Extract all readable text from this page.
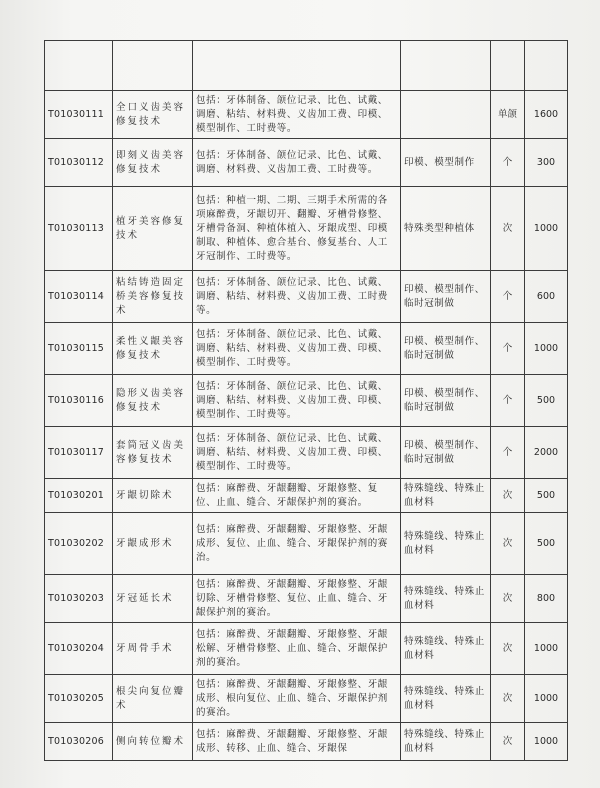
T01030111	全口义齿美容修复技术	包括：牙体制备、颌位记录、比色、试戴、调磨、粘结、材料费、义齿加工费、印模、模型制作、工时费等。		单颌	1600
T01030112	即刻义齿美容修复技术	包括：牙体制备、颌位记录、比色、试戴、调磨、材料费、义齿加工费、工时费等。	印模、模型制作	个	300
T01030113	植牙美容修复技术	包括：种植一期、二期、三期手术所需的各项麻醉费，牙龈切开、翻瓣、牙槽骨修整、牙槽骨备洞、种植体植入、牙龈成型、印模制取、种植体、愈合基台、修复基台、人工牙冠制作、工时费等。	特殊类型种植体	次	1000
T01030114	粘结铸造固定桥美容修复技术	包括：牙体制备、颌位记录、比色、试戴、调磨、粘结、材料费、义齿加工费、工时费等。	印模、模型制作、临时冠制做	个	600
T01030115	柔性义龈美容修复技术	包括：牙体制备、颌位记录、比色、试戴、调磨、粘结、材料费、义齿加工费、印模、模型制作、工时费等。	印模、模型制作、临时冠制做	个	1000
T01030116	隐形义齿美容修复技术	包括：牙体制备、颌位记录、比色、试戴、调磨、粘结、材料费、义齿加工费、印模、模型制作、工时费等。	印模、模型制作、临时冠制做	个	500
T01030117	套筒冠义齿美容修复技术	包括：牙体制备、颌位记录、比色、试戴、调磨、粘结、材料费、义齿加工费、印模、模型制作、工时费等。	印模、模型制作、临时冠制做	个	2000
T01030201	牙龈切除术	包括：麻醉费、牙龈翻瓣、牙龈修整、复位、止血、缝合、牙龈保护剂的赛治。	特殊缝线、特殊止血材料	次	500
T01030202	牙龈成形术	包括：麻醉费、牙龈翻瓣、牙龈修整、牙龈成形、复位、止血、缝合、牙龈保护剂的赛治。	特殊缝线、特殊止血材料	次	500
T01030203	牙冠延长术	包括：麻醉费、牙龈翻瓣、牙龈修整、牙龈切除、牙槽骨修整、复位、止血、缝合、牙龈保护剂的赛治。	特殊缝线、特殊止血材料	次	800
T01030204	牙周骨手术	包括：麻醉费、牙龈翻瓣、牙龈修整、牙龈松解、牙槽骨修整、止血、缝合、牙龈保护剂的赛治。	特殊缝线、特殊止血材料	次	1000
T01030205	根尖向复位瓣术	包括：麻醉费、牙龈翻瓣、牙龈修整、牙龈成形、根向复位、止血、缝合、牙龈保护剂的赛治。	特殊缝线、特殊止血材料	次	1000
T01030206	侧向转位瓣术	包括：麻醉费、牙龈翻瓣、牙龈修整、牙龈成形、转移、止血、缝合、牙龈保	特殊缝线、特殊止血材料	次	1000
